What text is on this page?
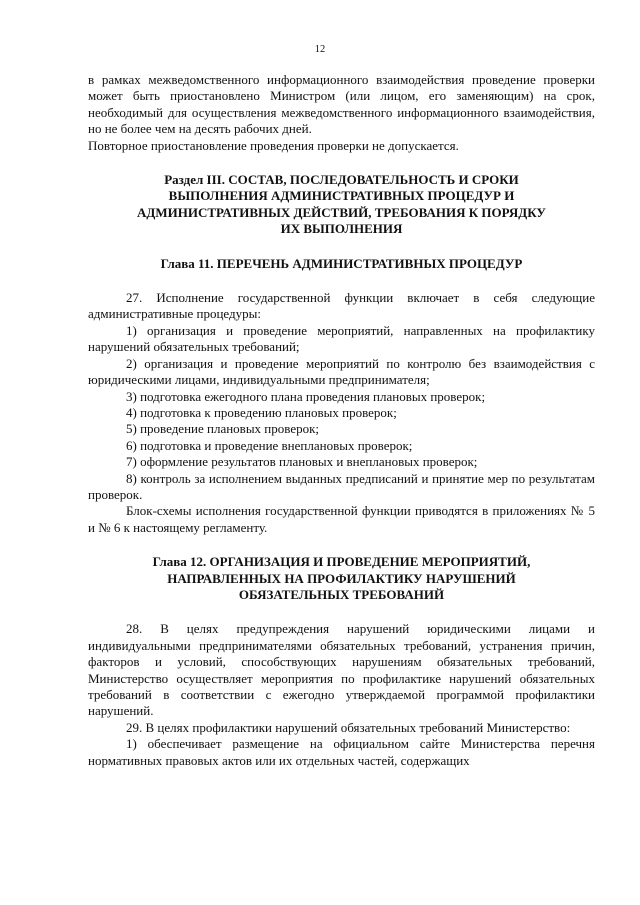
12

в рамках межведомственного информационного взаимодействия проведение проверки может быть приостановлено Министром (или лицом, его заменяющим) на срок, необходимый для осуществления межведомственного информационного взаимодействия, но не более чем на десять рабочих дней.

Повторное приостановление проведения проверки не допускается.

Раздел III. СОСТАВ, ПОСЛЕДОВАТЕЛЬНОСТЬ И СРОКИ
ВЫПОЛНЕНИЯ АДМИНИСТРАТИВНЫХ ПРОЦЕДУР И
АДМИНИСТРАТИВНЫХ ДЕЙСТВИЙ, ТРЕБОВАНИЯ К ПОРЯДКУ
ИХ ВЫПОЛНЕНИЯ
Глава 11. ПЕРЕЧЕНЬ АДМИНИСТРАТИВНЫХ ПРОЦЕДУР

27. Исполнение государственной функции включает в себя следующие административные процедуры:

1) организация и проведение мероприятий, направленных на профилактику нарушений обязательных требований;

2) организация и проведение мероприятий по контролю без взаимодействия с юридическими лицами, индивидуальными предпринимателя;

3) подготовка ежегодного плана проведения плановых проверок;

4) подготовка к проведению плановых проверок;

5) проведение плановых проверок;

6) подготовка и проведение внеплановых проверок;

7) оформление результатов плановых и внеплановых проверок;

8) контроль за исполнением выданных предписаний и принятие мер по результатам проверок.

Блок-схемы исполнения государственной функции приводятся в приложениях № 5 и № 6 к настоящему регламенту.

Глава 12. ОРГАНИЗАЦИЯ И ПРОВЕДЕНИЕ МЕРОПРИЯТИЙ,
НАПРАВЛЕННЫХ НА ПРОФИЛАКТИКУ НАРУШЕНИЙ
ОБЯЗАТЕЛЬНЫХ ТРЕБОВАНИЙ

28. В целях предупреждения нарушений юридическими лицами и индивидуальными предпринимателями обязательных требований, устранения причин, факторов и условий, способствующих нарушениям обязательных требований, Министерство осуществляет мероприятия по профилактике нарушений обязательных требований в соответствии с ежегодно утверждаемой программой профилактики нарушений.

29. В целях профилактики нарушений обязательных требований Министерство:

1) обеспечивает размещение на официальном сайте Министерства перечня нормативных правовых актов или их отдельных частей, содержащих
